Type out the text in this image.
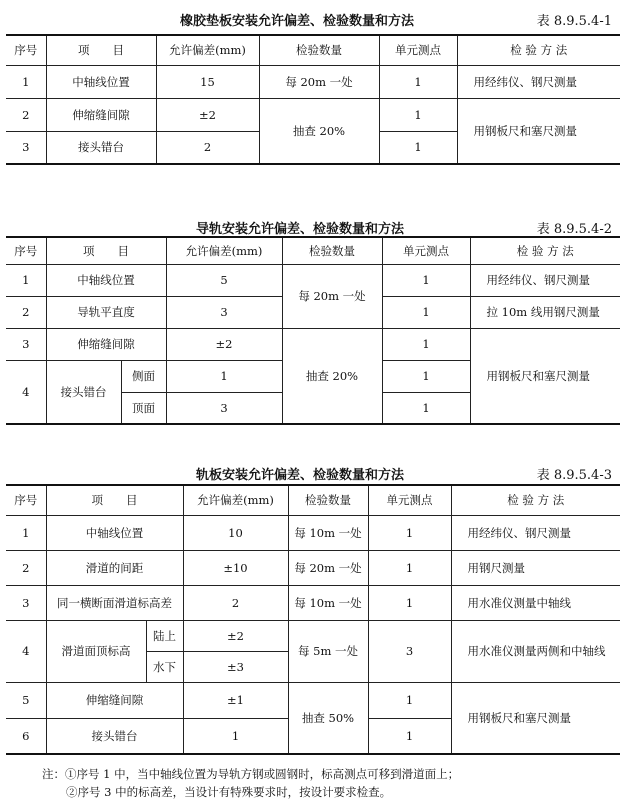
橡胶垫板安装允许偏差、检验数量和方法	表 8.9.5.4-1
序号	项　　目	允许偏差(mm)	检验数量	单元测点	检 验 方 法
1	中轴线位置	15	每 20m 一处	1	用经纬仪、钢尺测量
2	伸缩缝间隙	±2	抽查 20%	1	用钢板尺和塞尺测量
3	接头错台	2		1	
导轨安装允许偏差、检验数量和方法	表 8.9.5.4-2
序号	项　　目		允许偏差(mm)	检验数量	单元测点	检 验 方 法
1	中轴线位置		5	每 20m 一处	1	用经纬仪、钢尺测量
2	导轨平直度		3		1	拉 10m 线用钢尺测量
3	伸缩缝间隙		±2	抽查 20%	1	用钢板尺和塞尺测量
4	接头错台	侧面	1		1	
		顶面	3		1	
轨板安装允许偏差、检验数量和方法	表 8.9.5.4-3
序号	项　　目		允许偏差(mm)	检验数量	单元测点	检 验 方 法
1	中轴线位置		10	每 10m 一处	1	用经纬仪、钢尺测量
2	滑道的间距		±10	每 20m 一处	1	用钢尺测量
3	同一横断面滑道标高差		2	每 10m 一处	1	用水准仪测量中轴线
4	滑道面顶标高	陆上	±2	每 5m 一处	3	用水准仪测量两侧和中轴线
		水下	±3			
5	伸缩缝间隙		±1	抽查 50%	1	用钢板尺和塞尺测量
6	接头错台		1		1	
注：①序号 1 中，当中轴线位置为导轨方钢或圆钢时，标高测点可移到滑道面上；
②序号 3 中的标高差，当设计有特殊要求时，按设计要求检查。
